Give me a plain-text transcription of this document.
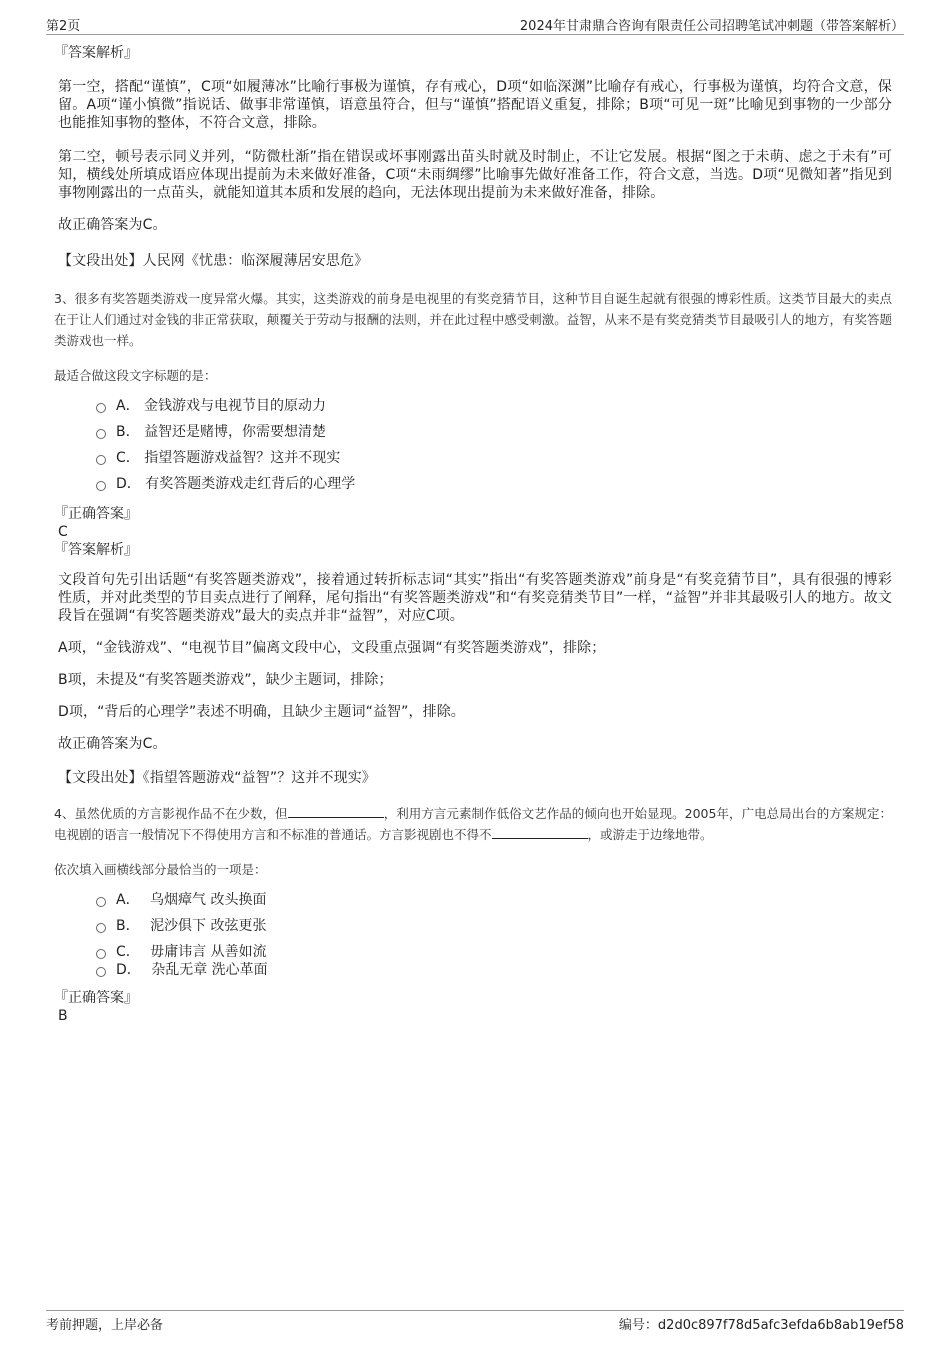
第2页	2024年甘肃鼎合咨询有限责任公司招聘笔试冲刺题（带答案解析）
『答案解析』

第一空，搭配“谨慎”，C项“如履薄冰”比喻行事极为谨慎，存有戒心，D项“如临深渊”比喻存有戒心，行事极为谨慎，均符合文意，保留。A项“谨小慎微”指说话、做事非常谨慎，语意虽符合，但与“谨慎”搭配语义重复，排除；B项“可见一斑”比喻见到事物的一少部分也能推知事物的整体，不符合文意，排除。

第二空，顿号表示同义并列，“防微杜渐”指在错误或坏事刚露出苗头时就及时制止，不让它发展。根据“图之于未萌、虑之于未有”可知，横线处所填成语应体现出提前为未来做好准备，C项“未雨绸缪”比喻事先做好准备工作，符合文意，当选。D项“见微知著”指见到事物刚露出的一点苗头，就能知道其本质和发展的趋向，无法体现出提前为未来做好准备，排除。

故正确答案为C。

【文段出处】人民网《忧患：临深履薄居安思危》

3、很多有奖答题类游戏一度异常火爆。其实，这类游戏的前身是电视里的有奖竞猜节目，这种节目自诞生起就有很强的博彩性质。这类节目最大的卖点在于让人们通过对金钱的非正常获取，颠覆关于劳动与报酬的法则，并在此过程中感受刺激。益智，从来不是有奖竞猜类节目最吸引人的地方，有奖答题类游戏也一样。

最适合做这段文字标题的是：

A． 金钱游戏与电视节目的原动力
B． 益智还是赌博，你需要想清楚
C． 指望答题游戏益智？这并不现实
D． 有奖答题类游戏走红背后的心理学
『正确答案』
C
『答案解析』

文段首句先引出话题“有奖答题类游戏”，接着通过转折标志词“其实”指出“有奖答题类游戏”前身是“有奖竞猜节目”，具有很强的博彩性质，并对此类型的节目卖点进行了阐释，尾句指出“有奖答题类游戏”和“有奖竞猜类节目”一样，“益智”并非其最吸引人的地方。故文段旨在强调“有奖答题类游戏”最大的卖点并非“益智”，对应C项。

A项，“金钱游戏”、“电视节目”偏离文段中心，文段重点强调“有奖答题类游戏”，排除；

B项，未提及“有奖答题类游戏”，缺少主题词，排除；

D项，“背后的心理学”表述不明确，且缺少主题词“益智”，排除。

故正确答案为C。

【文段出处】《指望答题游戏“益智”？这并不现实》

4、虽然优质的方言影视作品不在少数，但	，利用方言元素制作低俗文艺作品的倾向也开始显现。2005年，广电总局出台的方案规定：电视剧的语言一般情况下不得使用方言和不标准的普通话。方言影视剧也不得不	，或游走于边缘地带。

依次填入画横线部分最恰当的一项是：

A． 乌烟瘴气 改头换面
B． 泥沙俱下 改弦更张
C． 毋庸讳言 从善如流
D． 杂乱无章 洗心革面
『正确答案』
B
考前押题，上岸必备	编号：d2d0c897f78d5afc3efda6b8ab19ef58
